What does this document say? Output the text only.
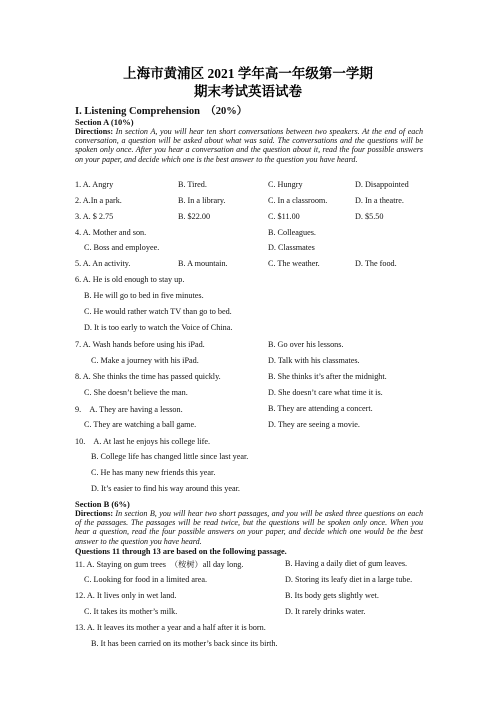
上海市黄浦区 2021 学年高一年级第一学期
期末考试英语试卷
I. Listening Comprehension　（20%）
Section A (10%)
Directions: In section A, you will hear ten short conversations between two speakers. At the end of each conversation, a question will be asked about what was said. The conversations and the questions will be spoken only once. After you hear a conversation and the question about it, read the four possible answers on your paper, and decide which one is the best answer to the question you have heard.
1. A. Angry	B. Tired.	C. Hungry	D. Disappointed
2. A.In a park.	B. In a library.	C. In a classroom.	D. In a theatre.
3. A. $ 2.75	B. $22.00	C. $11.00	D. $5.50
4. A. Mother and son.	B. Colleagues.
C. Boss and employee.	D. Classmates
5. A. An activity.	B. A mountain.	C. The weather.	D. The food.
6. A. He is old enough to stay up.
B. He will go to bed in five minutes.
C. He would rather watch TV than go to bed.
D. It is too early to watch the Voice of China.
7. A. Wash hands before using his iPad.	B. Go over his lessons.
C. Make a journey with his iPad.	D. Talk with his classmates.
8. A. She thinks the time has passed quickly.	B. She thinks it’s after the midnight.
C. She doesn’t believe the man.	D. She doesn’t care what time it is.
9.　A. They are having a lesson.	B. They are attending a concert.
C. They are watching a ball game.	D. They are seeing a movie.
10.　A. At last he enjoys his college life.
B. College life has changed little since last year.
C. He has many new friends this year.
D. It’s easier to find his way around this year.
Section B (6%)
Directions: In section B, you will hear two short passages, and you will be asked three questions on each of the passages. The passages will be read twice, but the questions will be spoken only once. When you hear a question, read the four possible answers on your paper, and decide which one would be the best answer to the question you have heard.
Questions 11 through 13 are based on the following passage.
11. A. Staying on gum trees　（桉树）all day long.	B. Having a daily diet of gum leaves.
C. Looking for food in a limited area.	D. Storing its leafy diet in a large tube.
12. A. It lives only in wet land.	B. Its body gets slightly wet.
C. It takes its mother’s milk.	D. It rarely drinks water.
13. A. It leaves its mother a year and a half after it is born.
B. It has been carried on its mother’s back since its birth.
